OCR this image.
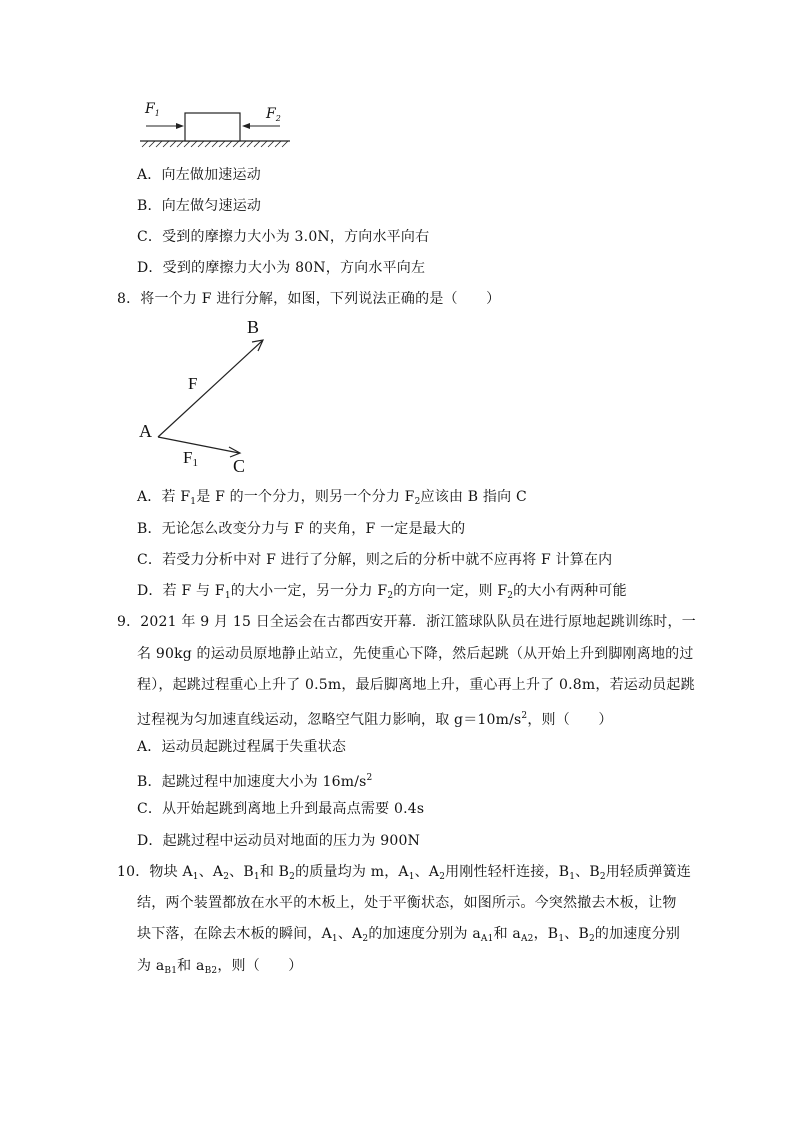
$F_1$	$F_2$
A．向左做加速运动
B．向左做匀速运动
C．受到的摩擦力大小为 3.0N，方向水平向右
D．受到的摩擦力大小为 80N，方向水平向左
8．将一个力 F 进行分解，如图，下列说法正确的是（　　）
B
F
A
$F_1$ C
A．若 $F_1$是 F 的一个分力，则另一个分力 $F_2$应该由 B 指向 C
B．无论怎么改变分力与 F 的夹角，F 一定是最大的
C．若受力分析中对 F 进行了分解，则之后的分析中就不应再将 F 计算在内
D．若 F 与 $F_1$的大小一定，另一分力 $F_2$的方向一定，则 $F_2$的大小有两种可能
9．2021 年 9 月 15 日全运会在古都西安开幕．浙江篮球队队员在进行原地起跳训练时，一
名 90kg 的运动员原地静止站立，先使重心下降，然后起跳（从开始上升到脚刚离地的过
程），起跳过程重心上升了 0.5m，最后脚离地上升，重心再上升了 0.8m，若运动员起跳
过程视为匀加速直线运动，忽略空气阻力影响，取 $g=10m/s^2$，则（　　）
A．运动员起跳过程属于失重状态
B．起跳过程中加速度大小为 $16m/s^2$
C．从开始起跳到离地上升到最高点需要 0.4s
D．起跳过程中运动员对地面的压力为 900N
10．物块 $A_1$、$A_2$、$B_1$和 $B_2$的质量均为 m，$A_1$、$A_2$用刚性轻杆连接，$B_1$、$B_2$用轻质弹簧连
结，两个装置都放在水平的木板上，处于平衡状态，如图所示。今突然撤去木板，让物
块下落，在除去木板的瞬间，$A_1$、$A_2$的加速度分别为 $a_{A1}$和 $a_{A2}$，$B_1$、$B_2$的加速度分别
为 $a_{B1}$和 $a_{B2}$，则（　　）
